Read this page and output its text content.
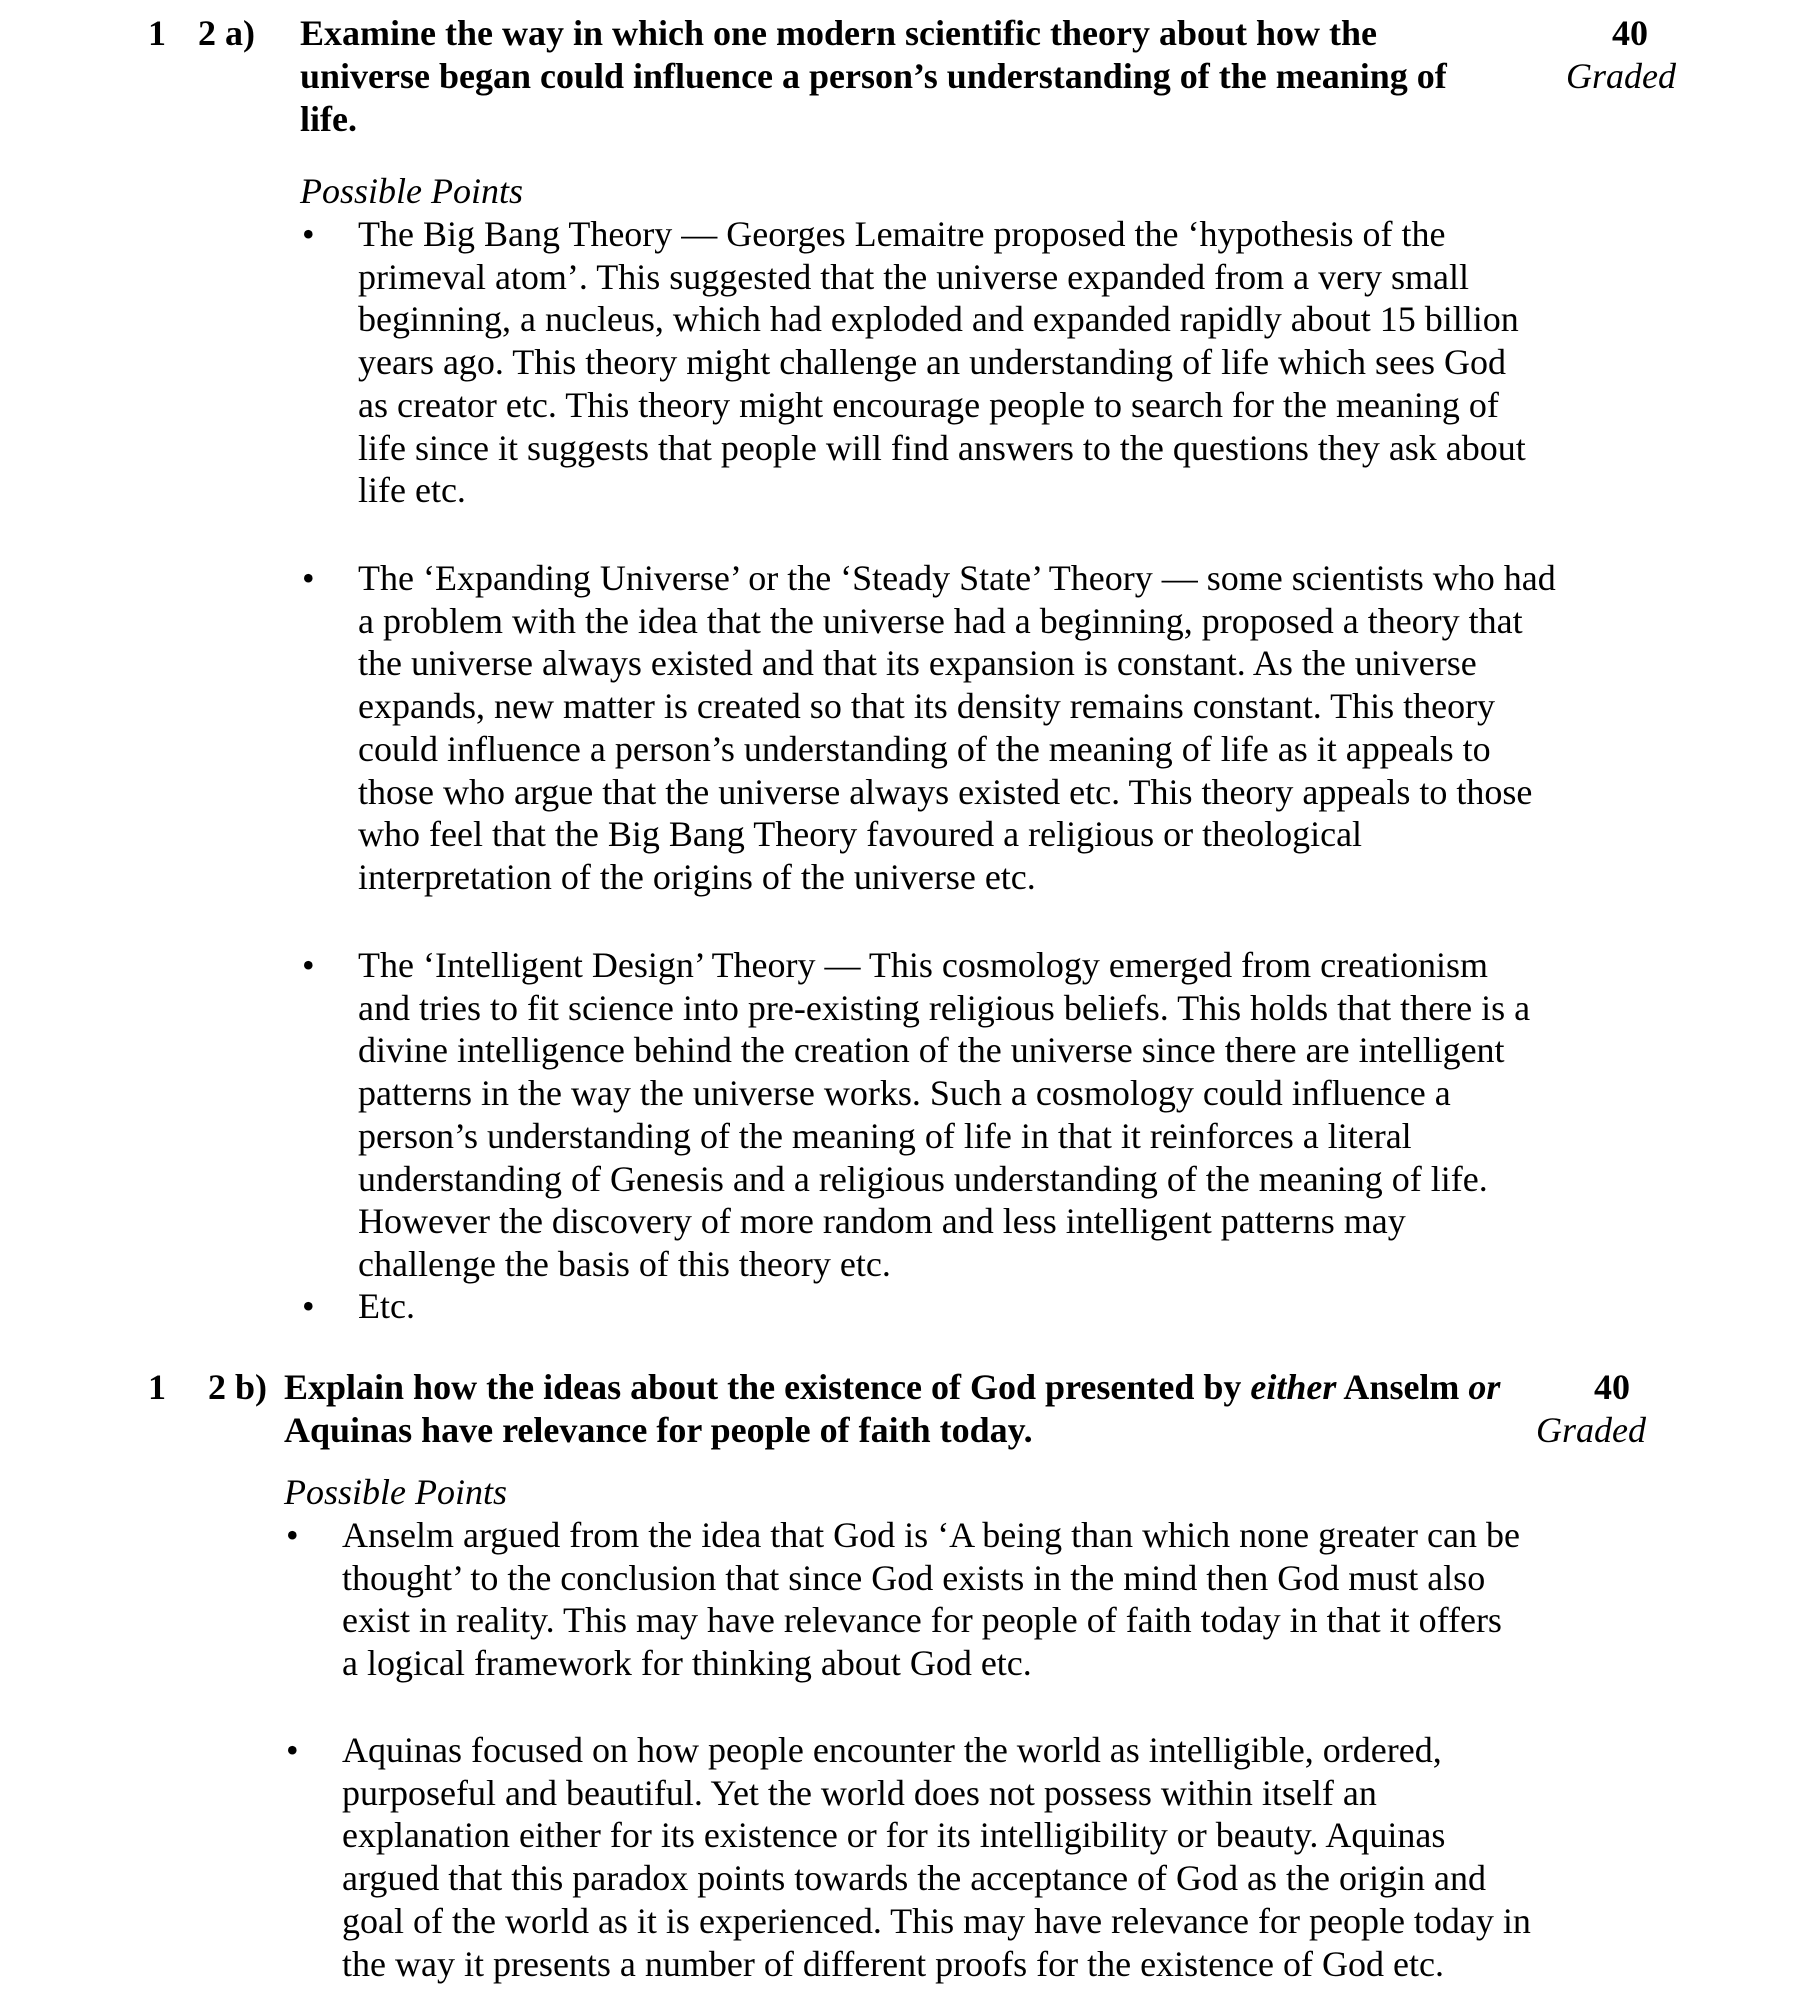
1 2 a) Examine the way in which one modern scientific theory about how the universe began could influence a person’s understanding of the meaning of life.

40
Graded
Possible Points
• The Big Bang Theory — Georges Lemaitre proposed the ‘hypothesis of the primeval atom’. This suggested that the universe expanded from a very small beginning, a nucleus, which had exploded and expanded rapidly about 15 billion years ago. This theory might challenge an understanding of life which sees God as creator etc. This theory might encourage people to search for the meaning of life since it suggests that people will find answers to the questions they ask about life etc.
• The ‘Expanding Universe’ or the ‘Steady State’ Theory — some scientists who had a problem with the idea that the universe had a beginning, proposed a theory that the universe always existed and that its expansion is constant. As the universe expands, new matter is created so that its density remains constant. This theory could influence a person’s understanding of the meaning of life as it appeals to those who argue that the universe always existed etc. This theory appeals to those who feel that the Big Bang Theory favoured a religious or theological interpretation of the origins of the universe etc.
• The ‘Intelligent Design’ Theory — This cosmology emerged from creationism and tries to fit science into pre-existing religious beliefs. This holds that there is a divine intelligence behind the creation of the universe since there are intelligent patterns in the way the universe works. Such a cosmology could influence a person’s understanding of the meaning of life in that it reinforces a literal understanding of Genesis and a religious understanding of the meaning of life. However the discovery of more random and less intelligent patterns may challenge the basis of this theory etc.
• Etc.
1 2 b) Explain how the ideas about the existence of God presented by either Anselm or Aquinas have relevance for people of faith today.

40
Graded
Possible Points
• Anselm argued from the idea that God is ‘A being than which none greater can be thought’ to the conclusion that since God exists in the mind then God must also exist in reality. This may have relevance for people of faith today in that it offers a logical framework for thinking about God etc.
• Aquinas focused on how people encounter the world as intelligible, ordered, purposeful and beautiful. Yet the world does not possess within itself an explanation either for its existence or for its intelligibility or beauty. Aquinas argued that this paradox points towards the acceptance of God as the origin and goal of the world as it is experienced. This may have relevance for people today in the way it presents a number of different proofs for the existence of God etc.
